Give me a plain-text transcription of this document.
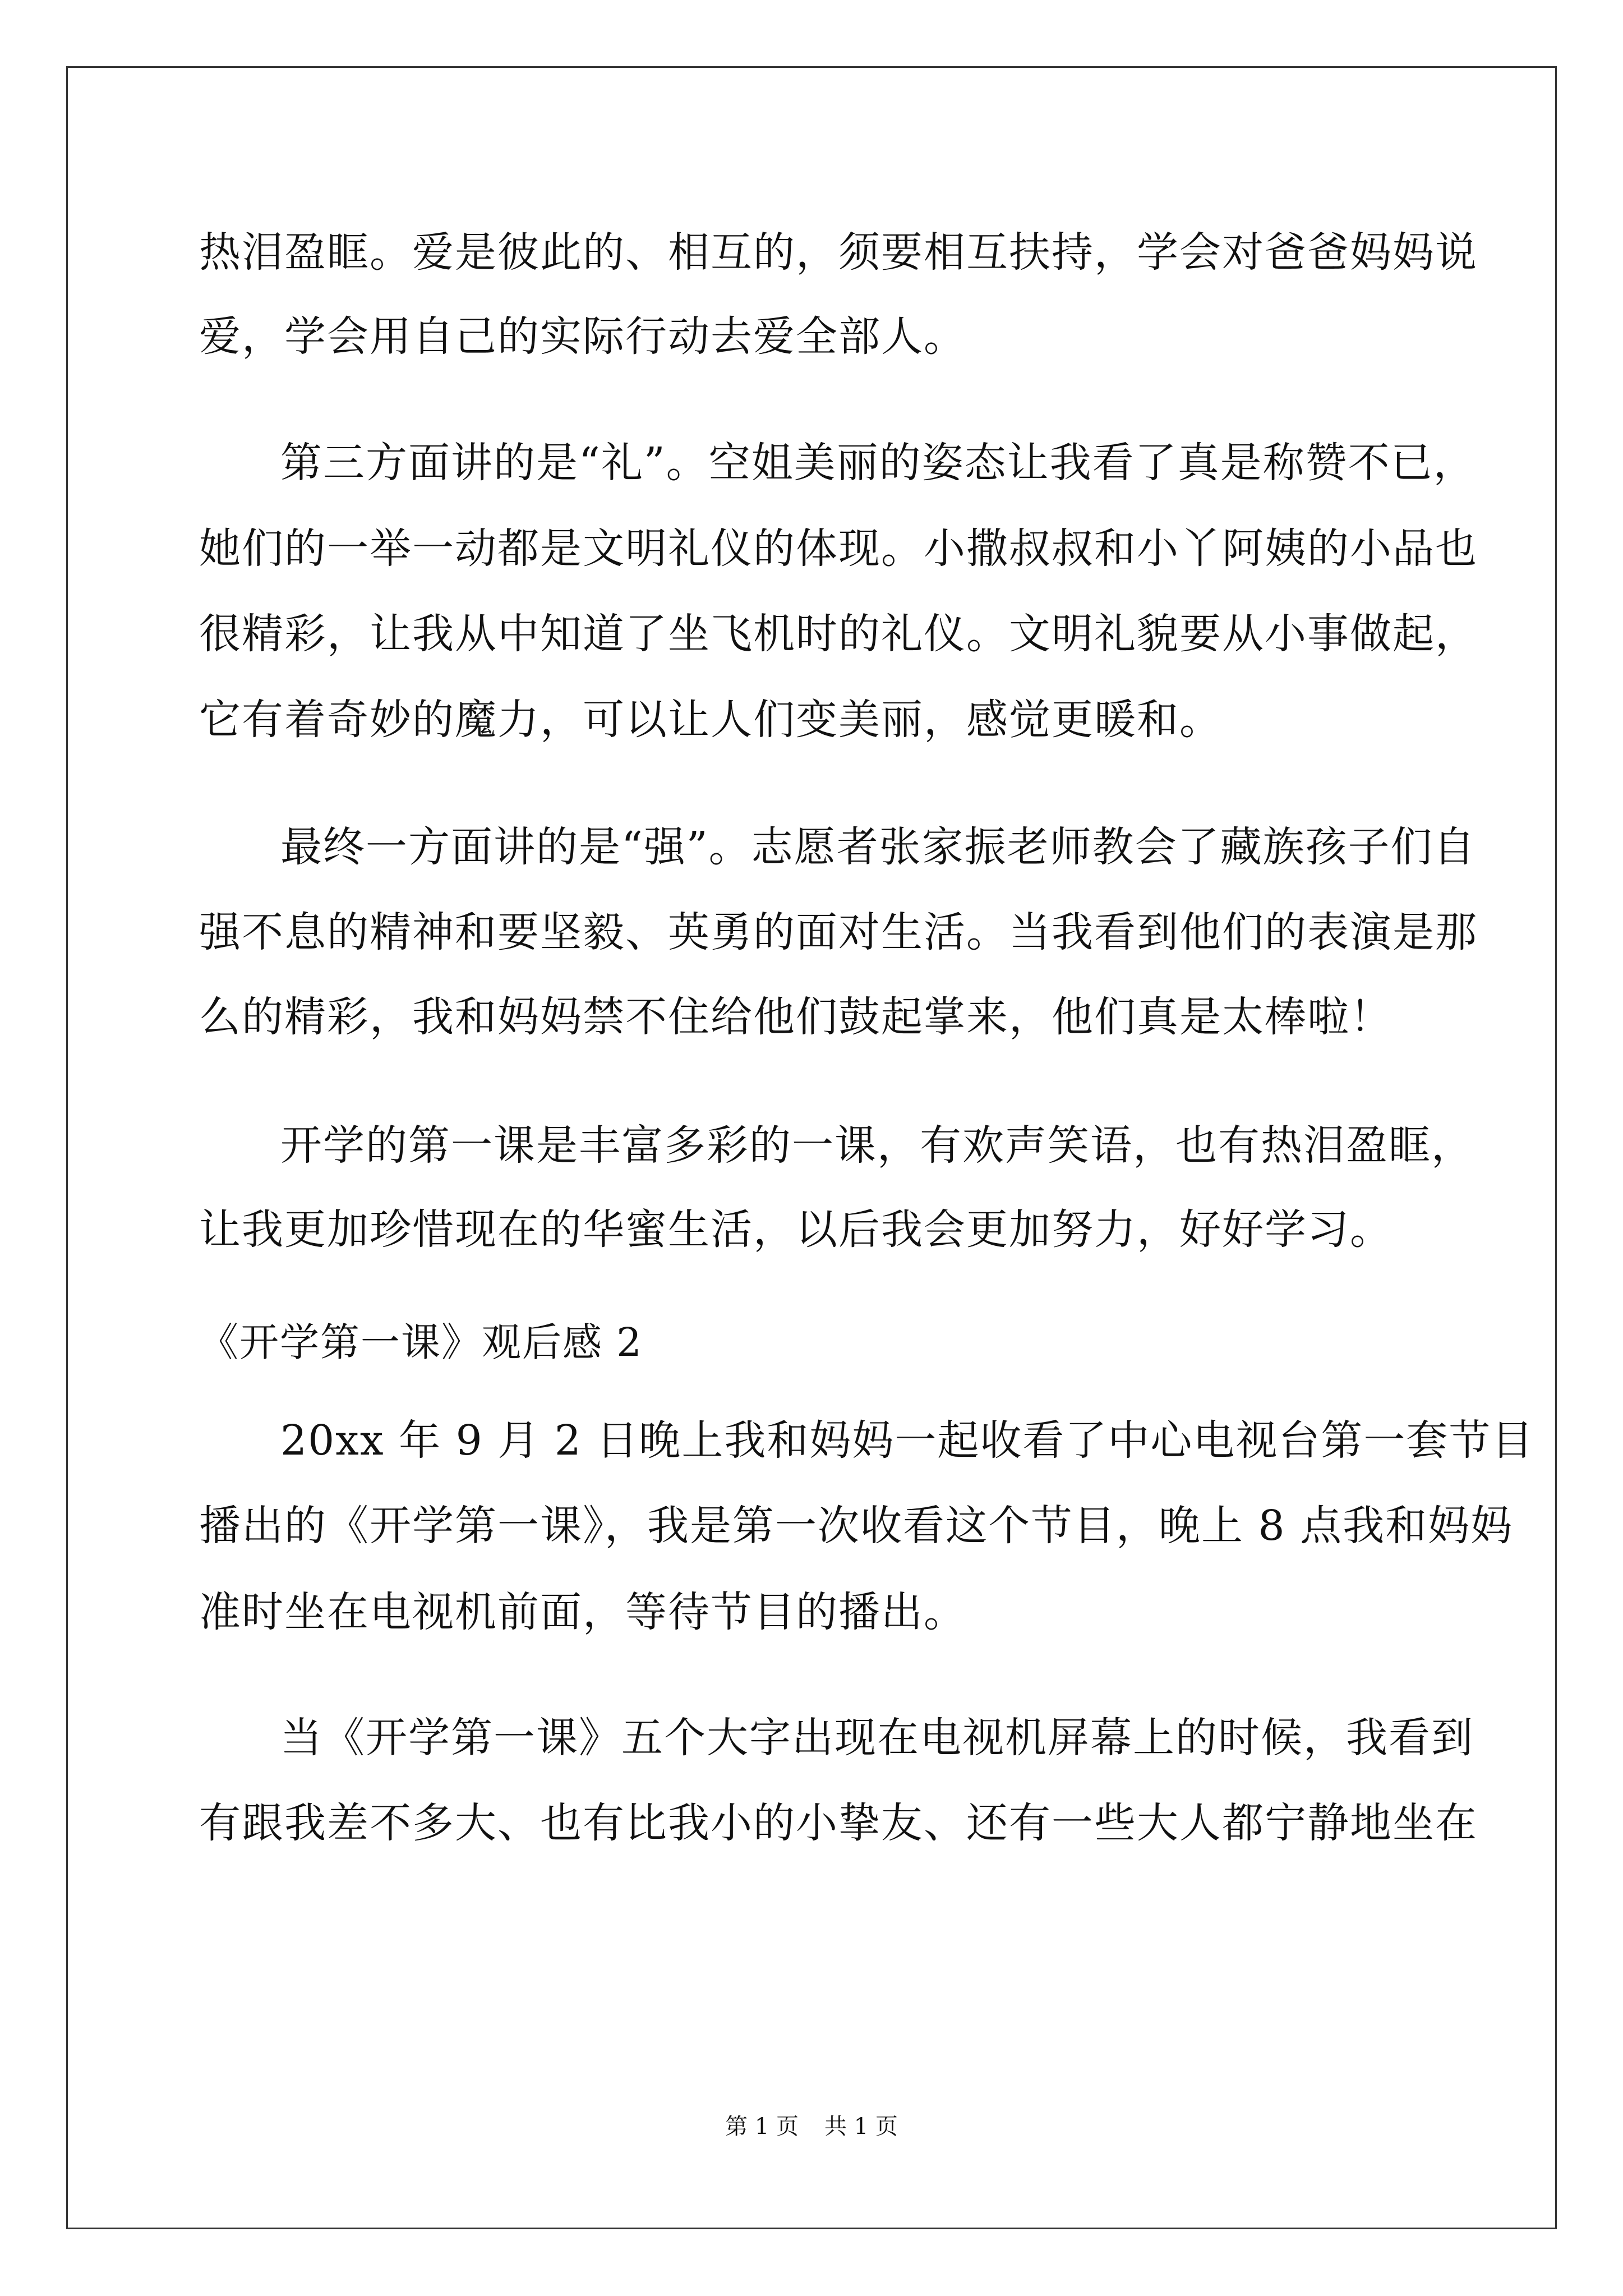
热泪盈眶。爱是彼此的、相互的，须要相互扶持，学会对爸爸妈妈说
爱，学会用自己的实际行动去爱全部人。
第三方面讲的是“礼”。空姐美丽的姿态让我看了真是称赞不已，
她们的一举一动都是文明礼仪的体现。小撒叔叔和小丫阿姨的小品也
很精彩，让我从中知道了坐飞机时的礼仪。文明礼貌要从小事做起，
它有着奇妙的魔力，可以让人们变美丽，感觉更暖和。
最终一方面讲的是“强”。志愿者张家振老师教会了藏族孩子们自
强不息的精神和要坚毅、英勇的面对生活。当我看到他们的表演是那
么的精彩，我和妈妈禁不住给他们鼓起掌来，他们真是太棒啦！
开学的第一课是丰富多彩的一课，有欢声笑语，也有热泪盈眶，
让我更加珍惜现在的华蜜生活，以后我会更加努力，好好学习。
《开学第一课》观后感 2
20xx 年 9 月 2 日晚上我和妈妈一起收看了中心电视台第一套节目
播出的《开学第一课》，我是第一次收看这个节目，晚上 8 点我和妈妈
准时坐在电视机前面，等待节目的播出。
当《开学第一课》五个大字出现在电视机屏幕上的时候，我看到
有跟我差不多大、也有比我小的小挚友、还有一些大人都宁静地坐在
第 1 页 共 1 页
